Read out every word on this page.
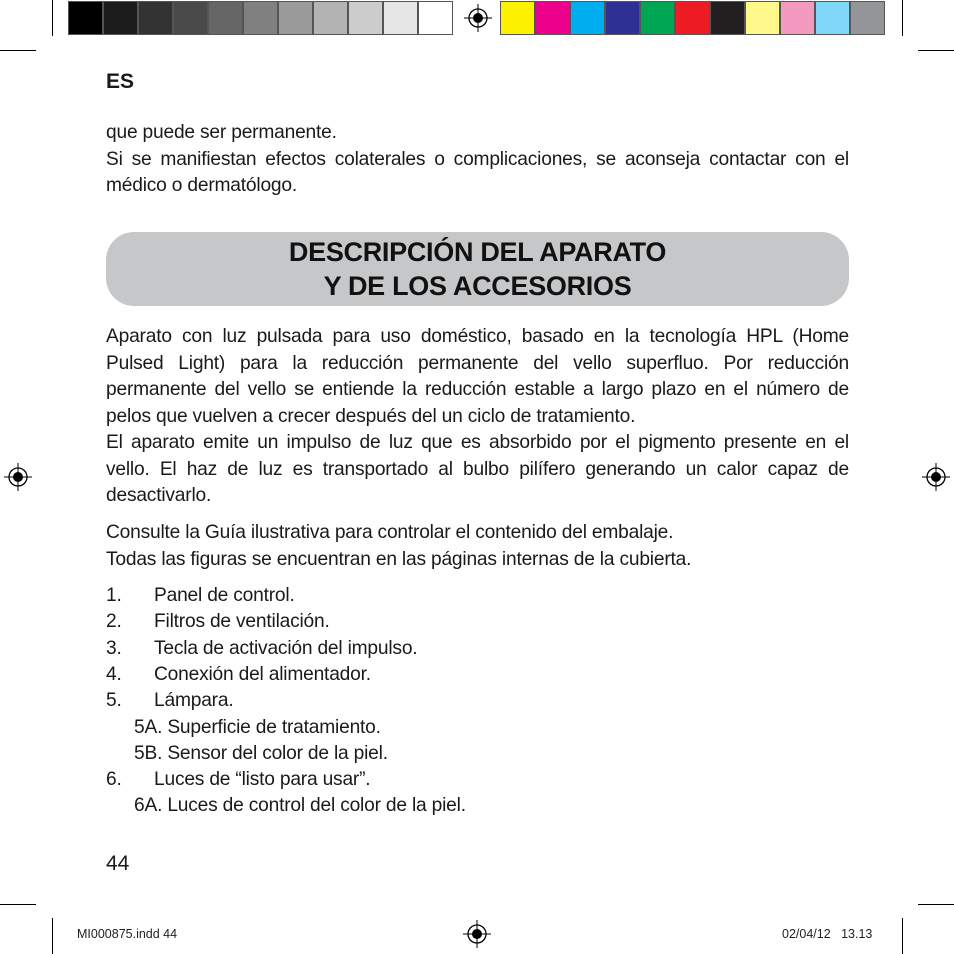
ES
que puede ser permanente.
Si se manifiestan efectos colaterales o complicaciones, se aconseja contactar con el médico o dermatólogo.
DESCRIPCIÓN DEL APARATO
Y DE LOS ACCESORIOS
Aparato con luz pulsada para uso doméstico, basado en la tecnología HPL (Home Pulsed Light) para la reducción permanente del vello superfluo. Por reducción permanente del vello se entiende la reducción estable a largo plazo en el número de pelos que vuelven a crecer después del un ciclo de tratamiento.
El aparato emite un impulso de luz que es absorbido por el pigmento presente en el vello. El haz de luz es transportado al bulbo pilífero generando un calor capaz de desactivarlo.
Consulte la Guía ilustrativa para controlar el contenido del embalaje.
Todas las figuras se encuentran en las páginas internas de la cubierta.
1. Panel de control.
2. Filtros de ventilación.
3. Tecla de activación del impulso.
4. Conexión del alimentador.
5. Lámpara.
5A. Superficie de tratamiento.
5B. Sensor del color de la piel.
6. Luces de “listo para usar”.
6A. Luces de control del color de la piel.
44
MI000875.indd 44	02/04/12   13.13
